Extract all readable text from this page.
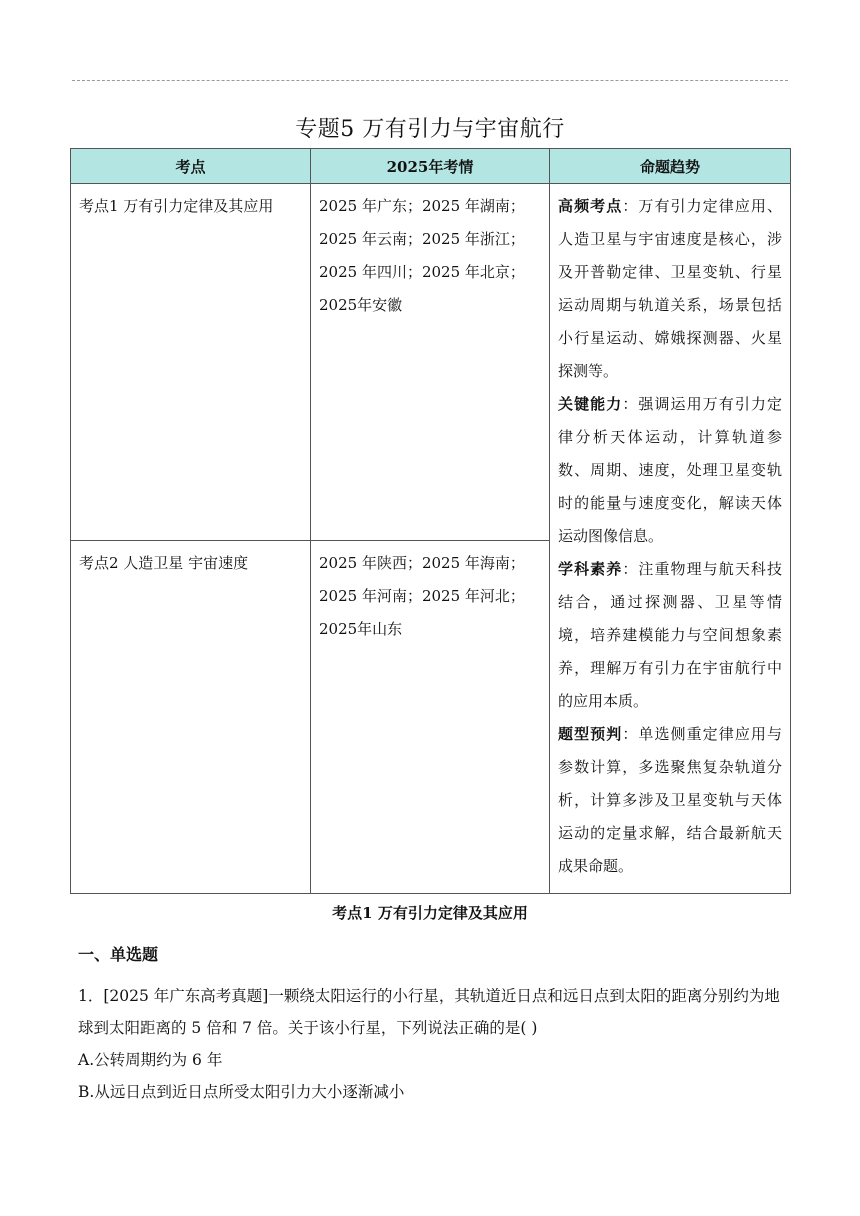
专题5 万有引力与宇宙航行
考点	2025年考情	命题趋势
考点1 万有引力定律及其应用	2025 年广东；2025 年湖南；2025 年云南；2025 年浙江；2025 年四川；2025 年北京；2025年安徽	高频考点：万有引力定律应用、人造卫星与宇宙速度是核心，涉及开普勒定律、卫星变轨、行星运动周期与轨道关系，场景包括小行星运动、嫦娥探测器、火星探测等。
关键能力：强调运用万有引力定律分析天体运动，计算轨道参数、周期、速度，处理卫星变轨时的能量与速度变化，解读天体运动图像信息。
学科素养：注重物理与航天科技结合，通过探测器、卫星等情境，培养建模能力与空间想象素养，理解万有引力在宇宙航行中的应用本质。
题型预判：单选侧重定律应用与参数计算，多选聚焦复杂轨道分析，计算多涉及卫星变轨与天体运动的定量求解，结合最新航天成果命题。
考点2 人造卫星 宇宙速度	2025 年陕西；2025 年海南；2025 年河南；2025 年河北；2025年山东	
考点1 万有引力定律及其应用
一、单选题
1．[2025 年广东高考真题]一颗绕太阳运行的小行星，其轨道近日点和远日点到太阳的距离分别约为地球到太阳距离的 5 倍和 7 倍。关于该小行星，下列说法正确的是( )
A.公转周期约为 6 年
B.从远日点到近日点所受太阳引力大小逐渐减小
